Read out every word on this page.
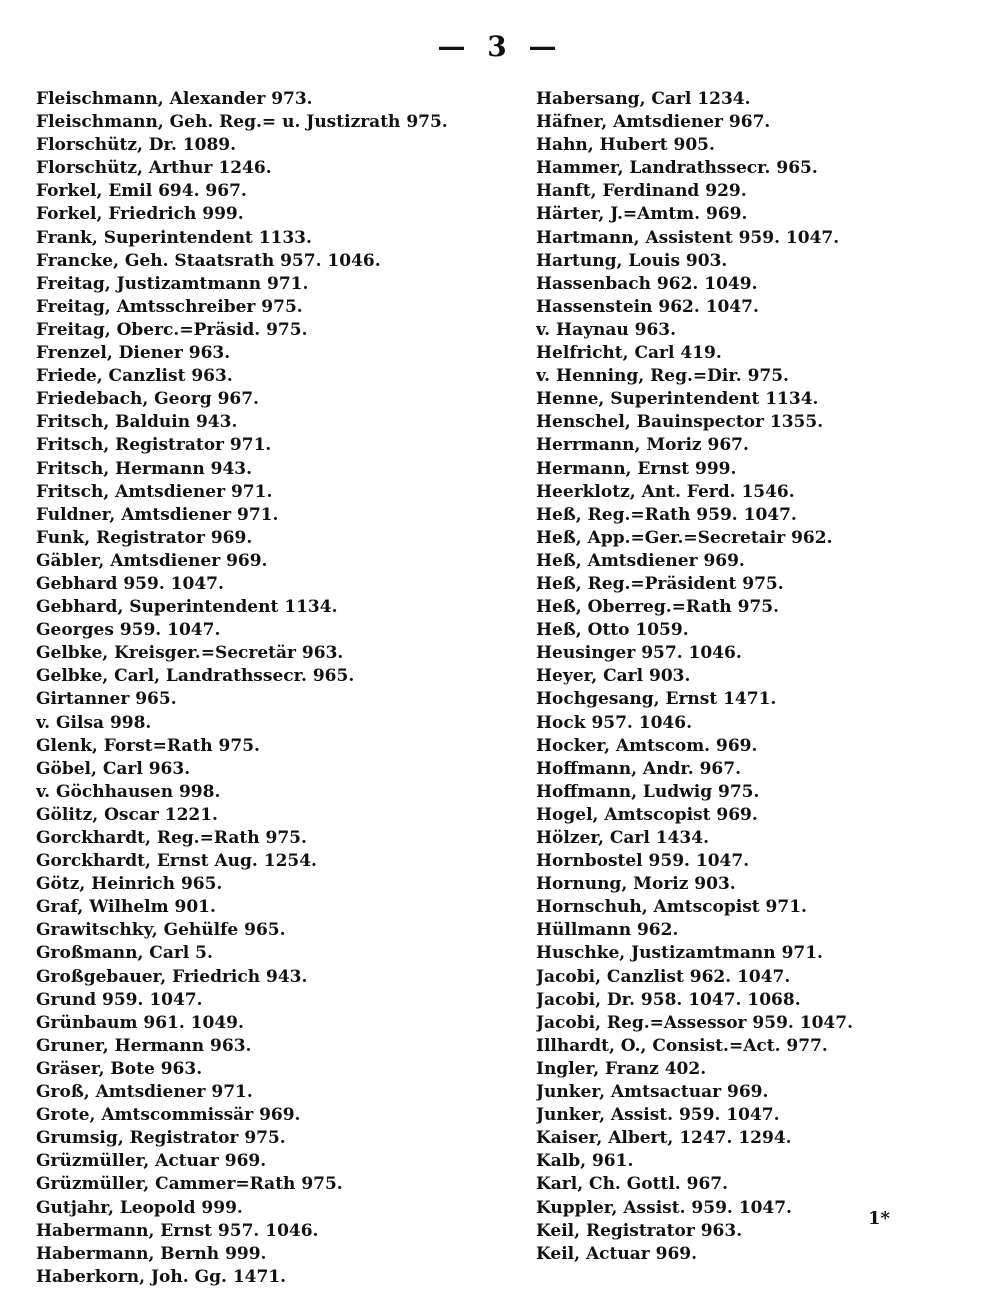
— 3 —
Fleischmann, Alexander 973.
Fleischmann, Geh. Reg.= u. Justizrath 975.
Florschütz, Dr. 1089.
Florschütz, Arthur 1246.
Forkel, Emil 694. 967.
Forkel, Friedrich 999.
Frank, Superintendent 1133.
Francke, Geh. Staatsrath 957. 1046.
Freitag, Justizamtmann 971.
Freitag, Amtsschreiber 975.
Freitag, Oberc.=Präsid. 975.
Frenzel, Diener 963.
Friede, Canzlist 963.
Friedebach, Georg 967.
Fritsch, Balduin 943.
Fritsch, Registrator 971.
Fritsch, Hermann 943.
Fritsch, Amtsdiener 971.
Fuldner, Amtsdiener 971.
Funk, Registrator 969.
Gäbler, Amtsdiener 969.
Gebhard 959. 1047.
Gebhard, Superintendent 1134.
Georges 959. 1047.
Gelbke, Kreisger.=Secretär 963.
Gelbke, Carl, Landrathssecr. 965.
Girtanner 965.
v. Gilsa 998.
Glenk, Forst=Rath 975.
Göbel, Carl 963.
v. Göchhausen 998.
Gölitz, Oscar 1221.
Gorckhardt, Reg.=Rath 975.
Gorckhardt, Ernst Aug. 1254.
Götz, Heinrich 965.
Graf, Wilhelm 901.
Grawitschky, Gehülfe 965.
Großmann, Carl 5.
Großgebauer, Friedrich 943.
Grund 959. 1047.
Grünbaum 961. 1049.
Gruner, Hermann 963.
Gräser, Bote 963.
Groß, Amtsdiener 971.
Grote, Amtscommissär 969.
Grumsig, Registrator 975.
Grüzmüller, Actuar 969.
Grüzmüller, Cammer=Rath 975.
Gutjahr, Leopold 999.
Habermann, Ernst 957. 1046.
Habermann, Bernh 999.
Haberkorn, Joh. Gg. 1471.
Habersang, Carl 1234.
Häfner, Amtsdiener 967.
Hahn, Hubert 905.
Hammer, Landrathssecr. 965.
Hanft, Ferdinand 929.
Härter, J.=Amtm. 969.
Hartmann, Assistent 959. 1047.
Hartung, Louis 903.
Hassenbach 962. 1049.
Hassenstein 962. 1047.
v. Haynau 963.
Helfricht, Carl 419.
v. Henning, Reg.=Dir. 975.
Henne, Superintendent 1134.
Henschel, Bauinspector 1355.
Herrmann, Moriz 967.
Hermann, Ernst 999.
Heerklotz, Ant. Ferd. 1546.
Heß, Reg.=Rath 959. 1047.
Heß, App.=Ger.=Secretair 962.
Heß, Amtsdiener 969.
Heß, Reg.=Präsident 975.
Heß, Oberreg.=Rath 975.
Heß, Otto 1059.
Heusinger 957. 1046.
Heyer, Carl 903.
Hochgesang, Ernst 1471.
Hock 957. 1046.
Hocker, Amtscom. 969.
Hoffmann, Andr. 967.
Hoffmann, Ludwig 975.
Hogel, Amtscopist 969.
Hölzer, Carl 1434.
Hornbostel 959. 1047.
Hornung, Moriz 903.
Hornschuh, Amtscopist 971.
Hüllmann 962.
Huschke, Justizamtmann 971.
Jacobi, Canzlist 962. 1047.
Jacobi, Dr. 958. 1047. 1068.
Jacobi, Reg.=Assessor 959. 1047.
Illhardt, O., Consist.=Act. 977.
Ingler, Franz 402.
Junker, Amtsactuar 969.
Junker, Assist. 959. 1047.
Kaiser, Albert, 1247. 1294.
Kalb, 961.
Karl, Ch. Gottl. 967.
Kuppler, Assist. 959. 1047.
Keil, Registrator 963.
Keil, Actuar 969.
1*
